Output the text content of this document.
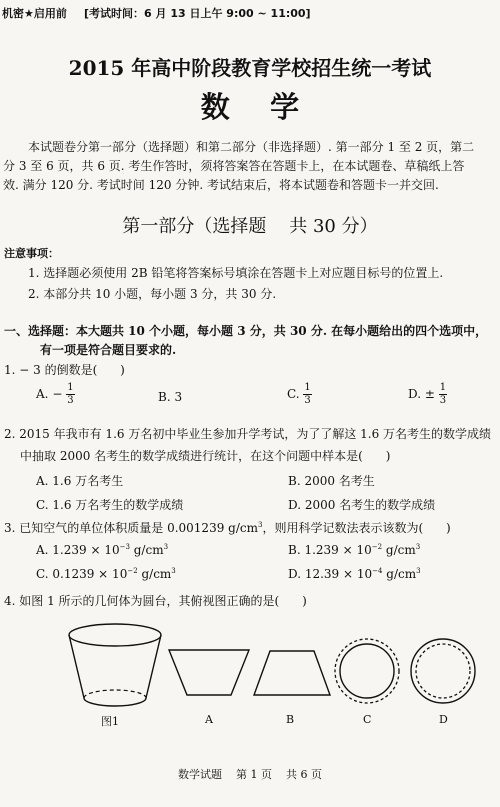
机密★启用前 [考试时间：6 月 13 日上午 9:00 ~ 11:00]
2015 年高中阶段教育学校招生统一考试
数    学
本试题卷分第一部分（选择题）和第二部分（非选择题）. 第一部分 1 至 2 页，第二
分 3 至 6 页，共 6 页. 考生作答时，须将答案答在答题卡上，在本试题卷、草稿纸上答
效. 满分 120 分. 考试时间 120 分钟. 考试结束后，将本试题卷和答题卡一并交回.
第一部分（选择题    共 30 分）
注意事项：
1. 选择题必须使用 2B 铅笔将答案标号填涂在答题卡上对应题目标号的位置上.
2. 本部分共 10 小题，每小题 3 分，共 30 分.
一、选择题：本大题共 10 个小题，每小题 3 分，共 30 分. 在每小题给出的四个选项中，
有一项是符合题目要求的.
1. − 3 的倒数是(      )
A. − $\frac{1}{3}$	B. 3	C. $\frac{1}{3}$	D. ± $\frac{1}{3}$
2. 2015 年我市有 1.6 万名初中毕业生参加升学考试，为了了解这 1.6 万名考生的数学成绩
中抽取 2000 名考生的数学成绩进行统计，在这个问题中样本是(      )
A. 1.6 万名考生	B. 2000 名考生
C. 1.6 万名考生的数学成绩	D. 2000 名考生的数学成绩
3. 已知空气的单位体积质量是 0.001239 $g/cm^3$，则用科学记数法表示该数为(      )
A. $1.239 \times 10^{-3}$ $g/cm^3$	B. $1.239 \times 10^{-2}$ $g/cm^3$
C. $0.1239 \times 10^{-2}$ $g/cm^3$	D. $12.39 \times 10^{-4}$ $g/cm^3$
4. 如图 1 所示的几何体为圆台，其俯视图正确的是(      )
图1	A	B	C	D
数学试题    第 1 页    共 6 页
